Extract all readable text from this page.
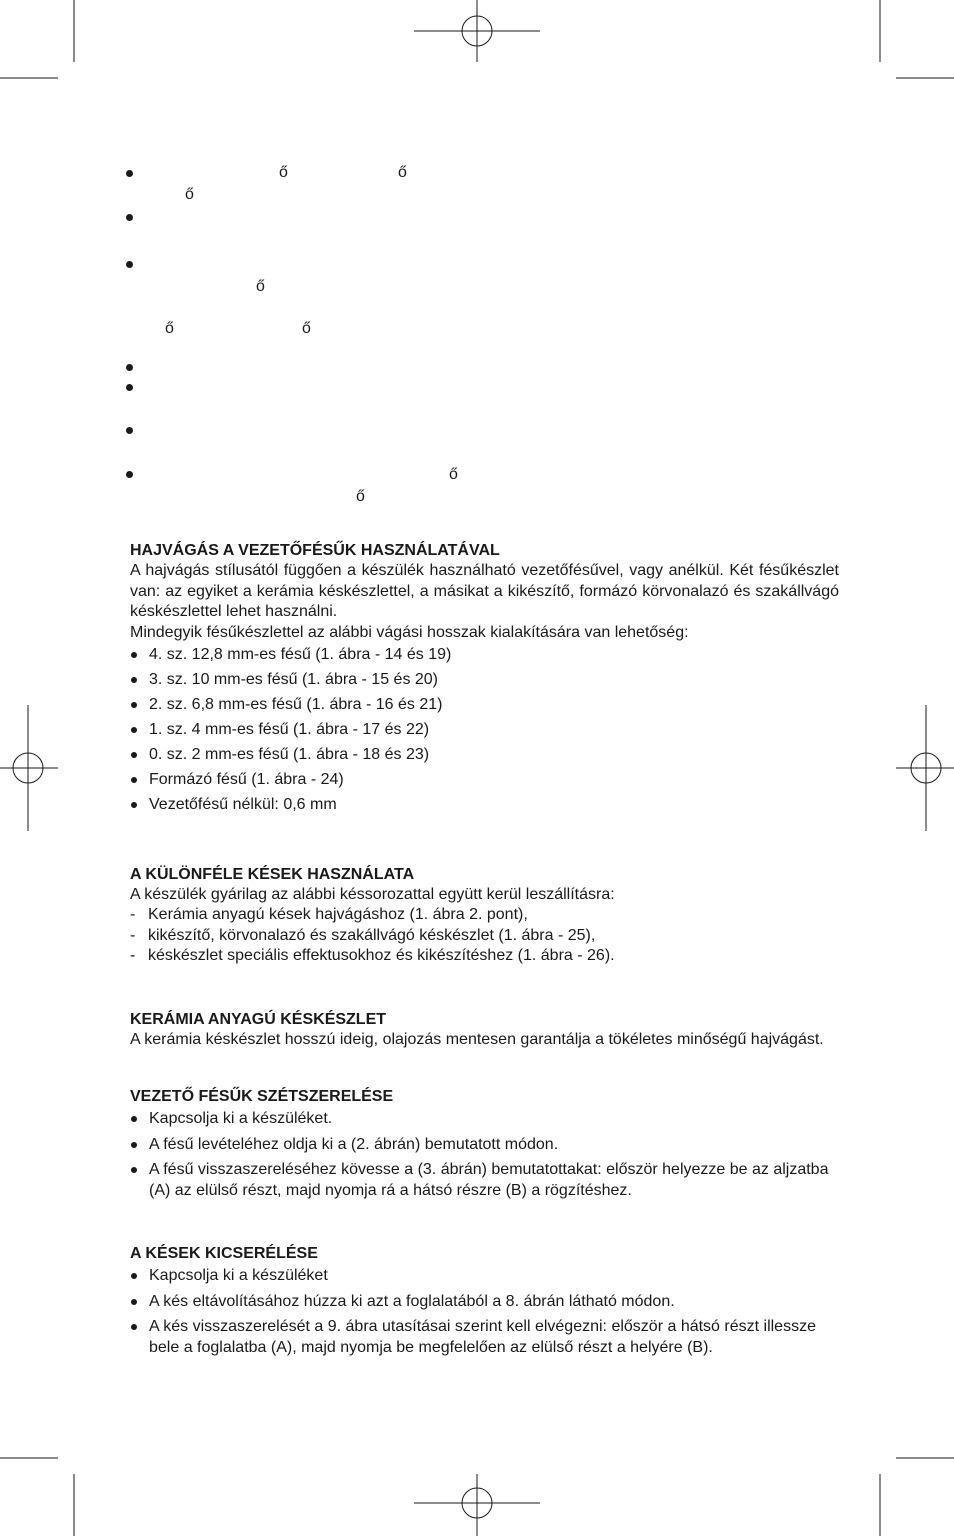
ő	ő
ő
ő
ő	ő
ő
ő
HAJVÁGÁS A VEZETŐFÉSŰK HASZNÁLATÁVAL

A hajvágás stílusától függően a készülék használható vezetőfésűvel, vagy anélkül. Két fésűkészlet van: az egyiket a kerámia késkészlettel, a másikat a kikészítő, formázó körvonalazó és szakállvágó késkészlettel lehet használni.

Mindegyik fésűkészlettel az alábbi vágási hosszak kialakítására van lehetőség:

4. sz. 12,8 mm-es fésű (1. ábra - 14 és 19)
3. sz. 10 mm-es fésű (1. ábra - 15 és 20)
2. sz. 6,8 mm-es fésű (1. ábra - 16 és 21)
1. sz. 4 mm-es fésű (1. ábra - 17 és 22)
0. sz. 2 mm-es fésű (1. ábra - 18 és 23)
Formázó fésű (1. ábra - 24)
Vezetőfésű nélkül: 0,6 mm
A KÜLÖNFÉLE KÉSEK HASZNÁLATA

A készülék gyárilag az alábbi késsorozattal együtt kerül leszállításra:

- Kerámia anyagú kések hajvágáshoz (1. ábra 2. pont),
- kikészítő, körvonalazó és szakállvágó késkészlet (1. ábra - 25),
- késkészlet speciális effektusokhoz és kikészítéshez (1. ábra - 26).
KERÁMIA ANYAGÚ KÉSKÉSZLET

A kerámia késkészlet hosszú ideig, olajozás mentesen garantálja a tökéletes minőségű hajvágást.

VEZETŐ FÉSŰK SZÉTSZERELÉSE
Kapcsolja ki a készüléket.
A fésű levételéhez oldja ki a (2. ábrán) bemutatott módon.
A fésű visszaszereléséhez kövesse a (3. ábrán) bemutatottakat: először helyezze be az aljzatba (A) az elülső részt, majd nyomja rá a hátsó részre (B) a rögzítéshez.
A KÉSEK KICSERÉLÉSE
Kapcsolja ki a készüléket
A kés eltávolításához húzza ki azt a foglalatából a 8. ábrán látható módon.
A kés visszaszerelését a 9. ábra utasításai szerint kell elvégezni: először a hátsó részt illessze bele a foglalatba (A), majd nyomja be megfelelően az elülső részt a helyére (B).
